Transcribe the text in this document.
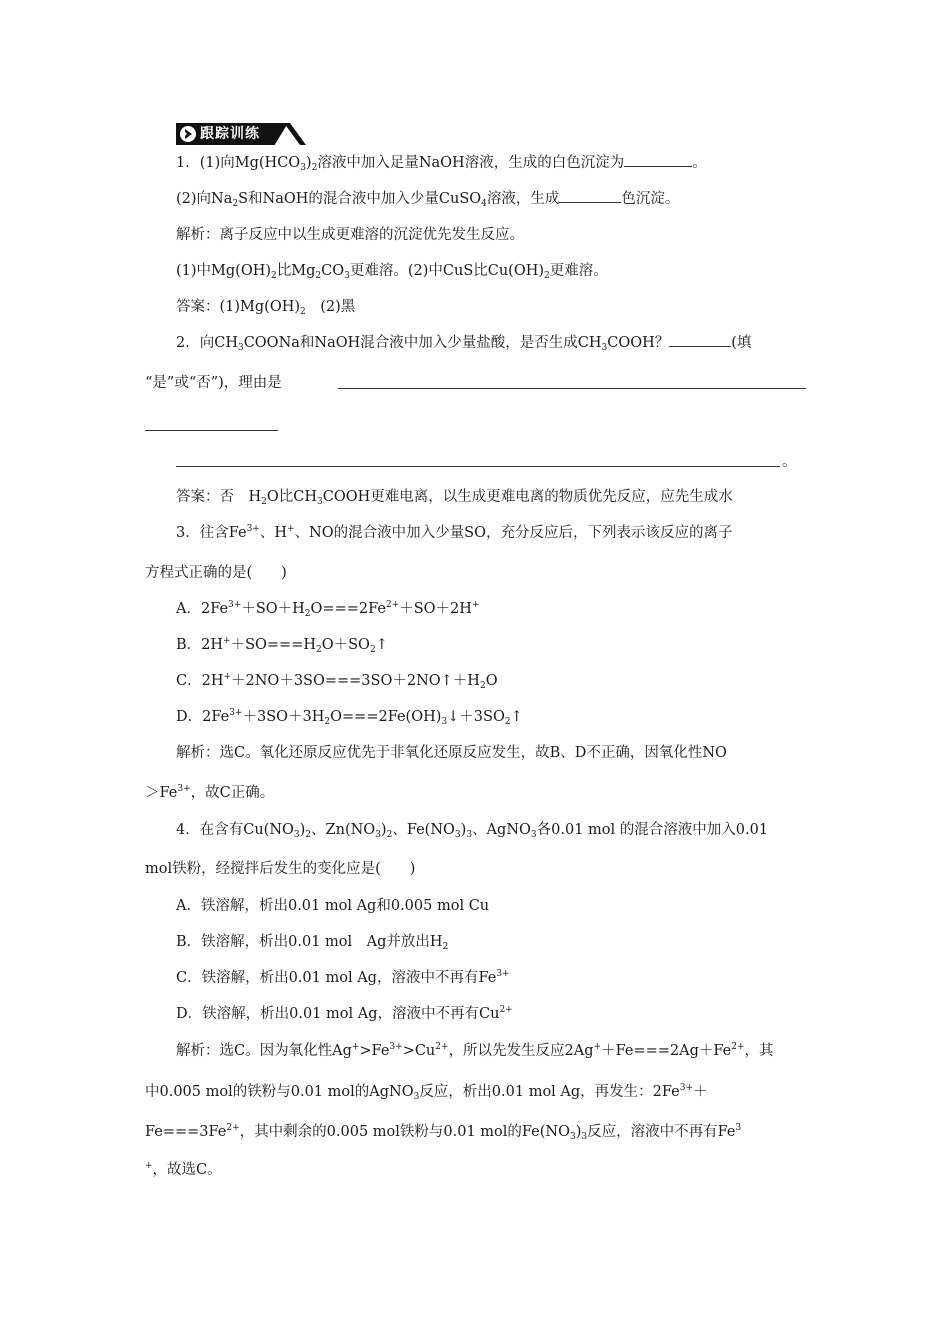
跟踪训练
1．(1)向$Mg(HCO_3)_2$溶液中加入足量NaOH溶液，生成的白色沉淀为	。
(2)向$Na_2S$和NaOH的混合液中加入少量CuSO$_4$溶液，生成	色沉淀。
解析：离子反应中以生成更难溶的沉淀优先发生反应。
(1)中$Mg(OH)_2$比$Mg_2CO_3$更难溶。(2)中CuS比$Cu(OH)_2$更难溶。
答案：$(1)Mg(OH)_2$　(2)黑
2．向$CH_3COONa$和NaOH混合液中加入少量盐酸，是否生成$CH_3COOH$？	(填
“是”或“否”)，理由是
。
答案：否　$H_2O$比$CH_3COOH$更难电离，以生成更难电离的物质优先反应，应先生成水
3．往含$Fe^{3+}$、H+、NO的混合液中加入少量SO，充分反应后，下列表示该反应的离子
方程式正确的是(　　)
A．$2Fe^{3+}+SO+H_2O===2Fe^{2+}+SO+2H^+$
B．$2H^++SO===H_2O+SO_2↑$
C．$2H^++2NO+3SO===3SO+2NO↑+H_2O$
D．$2Fe^{3+}+3SO+3H_2O===2Fe(OH)_3↓+3SO_2↑$
解析：选C。氧化还原反应优先于非氧化还原反应发生，故B、D不正确，因氧化性NO
$>Fe^{3+}$，故C正确。
4．在含有$Cu(NO_3)_2$、$Zn(NO_3)_2$、$Fe(NO_3)_3$、AgNO$_3$各0.01 mol 的混合溶液中加入0.01
mol铁粉，经搅拌后发生的变化应是(　　)
A．铁溶解，析出0.01 mol Ag和0.005 mol Cu
B．铁溶解，析出0.01 mol　Ag并放出$H_2$
C．铁溶解，析出0.01 mol Ag，溶液中不再有$Fe^{3+}$
D．铁溶解，析出0.01 mol Ag，溶液中不再有$Cu^{2+}$
解析：选C。因为氧化性$Ag^+>Fe^{3+}>Cu^{2+}$，所以先发生反应$2Ag^++Fe===2Ag+Fe^{2+}$，其
中0.005 mol的铁粉与0.01 mol的AgNO$_3$反应，析出0.01 mol Ag，再发生：$2Fe^{3+}+$
$Fe===3Fe^{2+}$，其中剩余的0.005 mol铁粉与0.01 mol的$Fe(NO_3)_3$反应，溶液中不再有Fe$^3$
+，故选C。
